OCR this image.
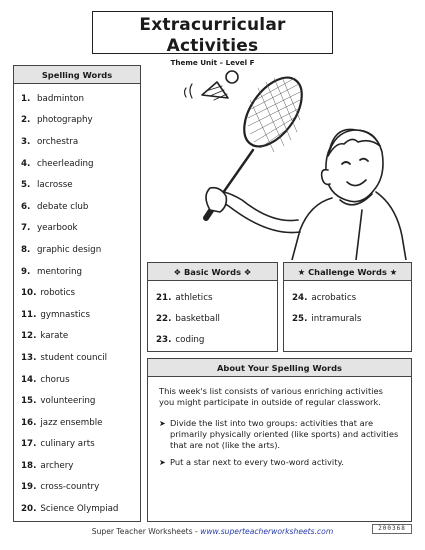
Extracurricular Activities
Theme Unit – Level F
Spelling Words
1. badminton
2. photography
3. orchestra
4. cheerleading
5. lacrosse
6. debate club
7. yearbook
8. graphic design
9. mentoring
10. robotics
11. gymnastics
12. karate
13. student council
14. chorus
15. volunteering
16. jazz ensemble
17. culinary arts
18. archery
19. cross-country
20. Science Olympiad
❖ Basic Words ❖
21. athletics
22. basketball
23. coding
★ Challenge Words ★
24. acrobatics
25. intramurals
About Your Spelling Words

This week's list consists of various enriching activities you might participate in outside of regular classwork.

➤ Divide the list into two groups: activities that are primarily physically oriented (like sports) and activities that are not (like the arts).
➤ Put a star next to every two-word activity.
Super Teacher Worksheets - www.superteacherworksheets.com	200368
